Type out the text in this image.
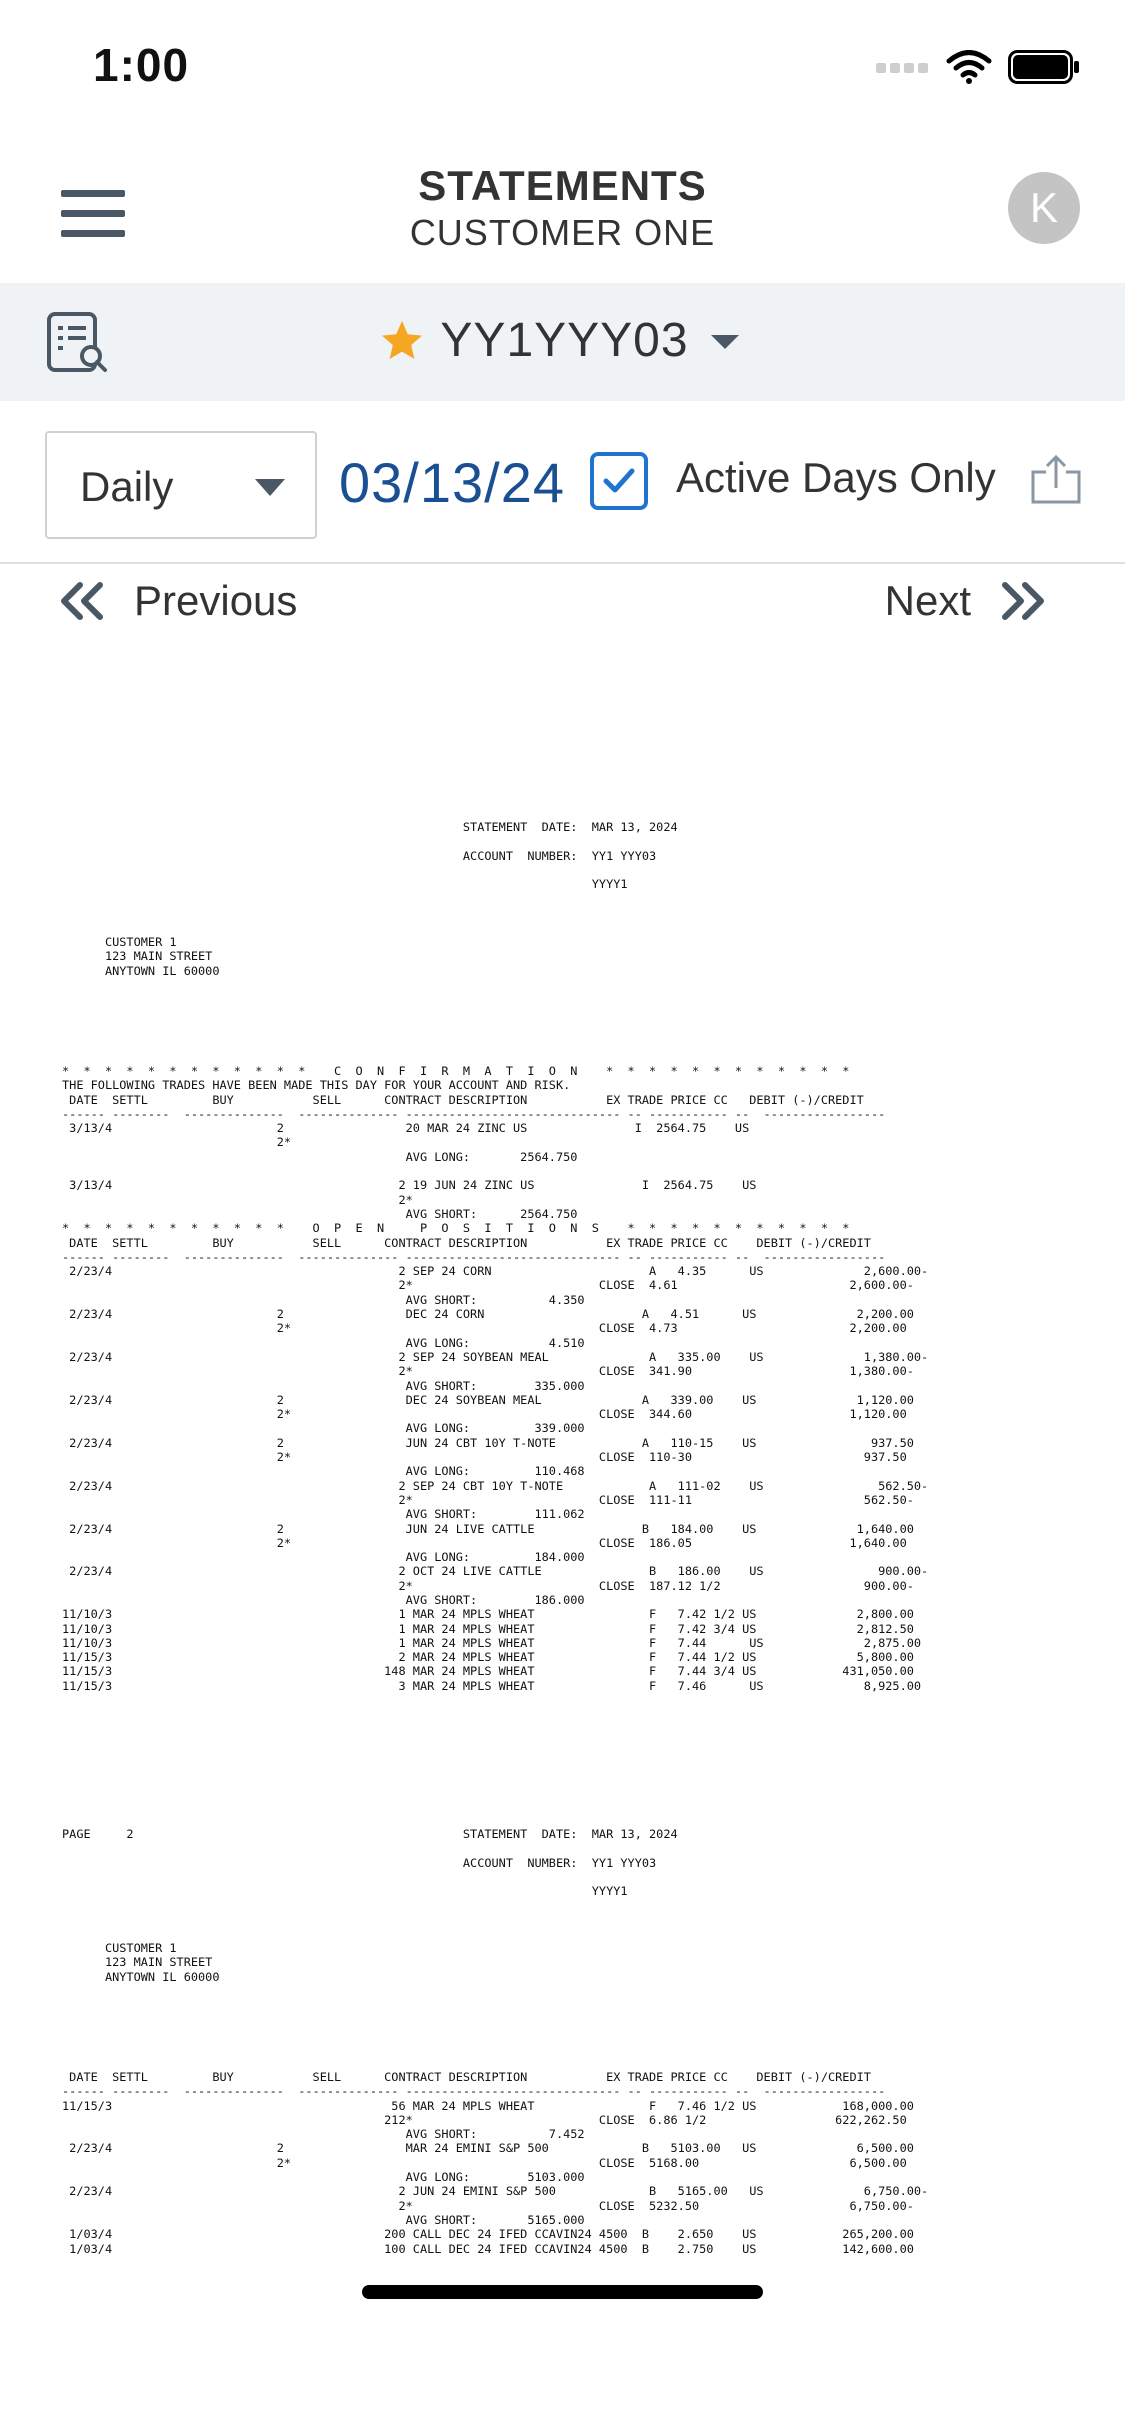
1:00
STATEMENTS
CUSTOMER ONE
K
YY1YYY03
Daily	03/13/24	Active Days Only
Previous	Next
STATEMENT  DATE:  MAR 13, 2024

ACCOUNT  NUMBER:  YY1 YYY03

YYYY1
CUSTOMER 1
123 MAIN STREET
ANYTOWN IL 60000
*  *  *  *  *  *  *  *  *  *  *  *    C  O  N  F  I  R  M  A  T  I  O  N    *  *  *  *  *  *  *  *  *  *  *  *
THE FOLLOWING TRADES HAVE BEEN MADE THIS DAY FOR YOUR ACCOUNT AND RISK.
DATE  SETTL         BUY           SELL      CONTRACT DESCRIPTION           EX TRADE PRICE CC   DEBIT (-)/CREDIT
------ --------  --------------  -------------- ------------------------------ -- ----------- --  -----------------
3/13/4                       2                 20 MAR 24 ZINC US               I  2564.75    US
2*
AVG LONG:       2564.750

3/13/4                                        2 19 JUN 24 ZINC US               I  2564.75    US
2*
AVG SHORT:      2564.750
*  *  *  *  *  *  *  *  *  *  *    O  P  E  N     P  O  S  I  T  I  O  N  S    *  *  *  *  *  *  *  *  *  *  *
DATE  SETTL         BUY           SELL      CONTRACT DESCRIPTION           EX TRADE PRICE CC    DEBIT (-)/CREDIT
------ --------  --------------  -------------- ------------------------------ -- ----------- --  -----------------
2/23/4                                        2 SEP 24 CORN                      A   4.35      US              2,600.00-
2*                          CLOSE  4.61                        2,600.00-
AVG SHORT:          4.350
2/23/4                       2                 DEC 24 CORN                      A   4.51      US              2,200.00
2*                                           CLOSE  4.73                        2,200.00
AVG LONG:           4.510
2/23/4                                        2 SEP 24 SOYBEAN MEAL              A   335.00    US              1,380.00-
2*                          CLOSE  341.90                      1,380.00-
AVG SHORT:        335.000
2/23/4                       2                 DEC 24 SOYBEAN MEAL              A   339.00    US              1,120.00
2*                                           CLOSE  344.60                      1,120.00
AVG LONG:         339.000
2/23/4                       2                 JUN 24 CBT 10Y T-NOTE            A   110-15    US                937.50
2*                                           CLOSE  110-30                        937.50
AVG LONG:         110.468
2/23/4                                        2 SEP 24 CBT 10Y T-NOTE            A   111-02    US                562.50-
2*                          CLOSE  111-11                        562.50-
AVG SHORT:        111.062
2/23/4                       2                 JUN 24 LIVE CATTLE               B   184.00    US              1,640.00
2*                                           CLOSE  186.05                      1,640.00
AVG LONG:         184.000
2/23/4                                        2 OCT 24 LIVE CATTLE               B   186.00    US                900.00-
2*                          CLOSE  187.12 1/2                    900.00-
AVG SHORT:        186.000
11/10/3                                        1 MAR 24 MPLS WHEAT                F   7.42 1/2 US              2,800.00
11/10/3                                        1 MAR 24 MPLS WHEAT                F   7.42 3/4 US              2,812.50
11/10/3                                        1 MAR 24 MPLS WHEAT                F   7.44      US              2,875.00
11/15/3                                        2 MAR 24 MPLS WHEAT                F   7.44 1/2 US              5,800.00
11/15/3                                      148 MAR 24 MPLS WHEAT                F   7.44 3/4 US            431,050.00
11/15/3                                        3 MAR 24 MPLS WHEAT                F   7.46      US              8,925.00
PAGE     2                                              STATEMENT  DATE:  MAR 13, 2024

ACCOUNT  NUMBER:  YY1 YYY03

YYYY1
CUSTOMER 1
123 MAIN STREET
ANYTOWN IL 60000
DATE  SETTL         BUY           SELL      CONTRACT DESCRIPTION           EX TRADE PRICE CC    DEBIT (-)/CREDIT
------ --------  --------------  -------------- ------------------------------ -- ----------- --  -----------------
11/15/3                                       56 MAR 24 MPLS WHEAT                F   7.46 1/2 US            168,000.00
212*                          CLOSE  6.86 1/2                  622,262.50
AVG SHORT:          7.452
2/23/4                       2                 MAR 24 EMINI S&P 500             B   5103.00   US              6,500.00
2*                                           CLOSE  5168.00                     6,500.00
AVG LONG:        5103.000
2/23/4                                        2 JUN 24 EMINI S&P 500             B   5165.00   US              6,750.00-
2*                          CLOSE  5232.50                     6,750.00-
AVG SHORT:       5165.000
1/03/4                                      200 CALL DEC 24 IFED CCAVIN24 4500  B    2.650    US            265,200.00
1/03/4                                      100 CALL DEC 24 IFED CCAVIN24 4500  B    2.750    US            142,600.00
